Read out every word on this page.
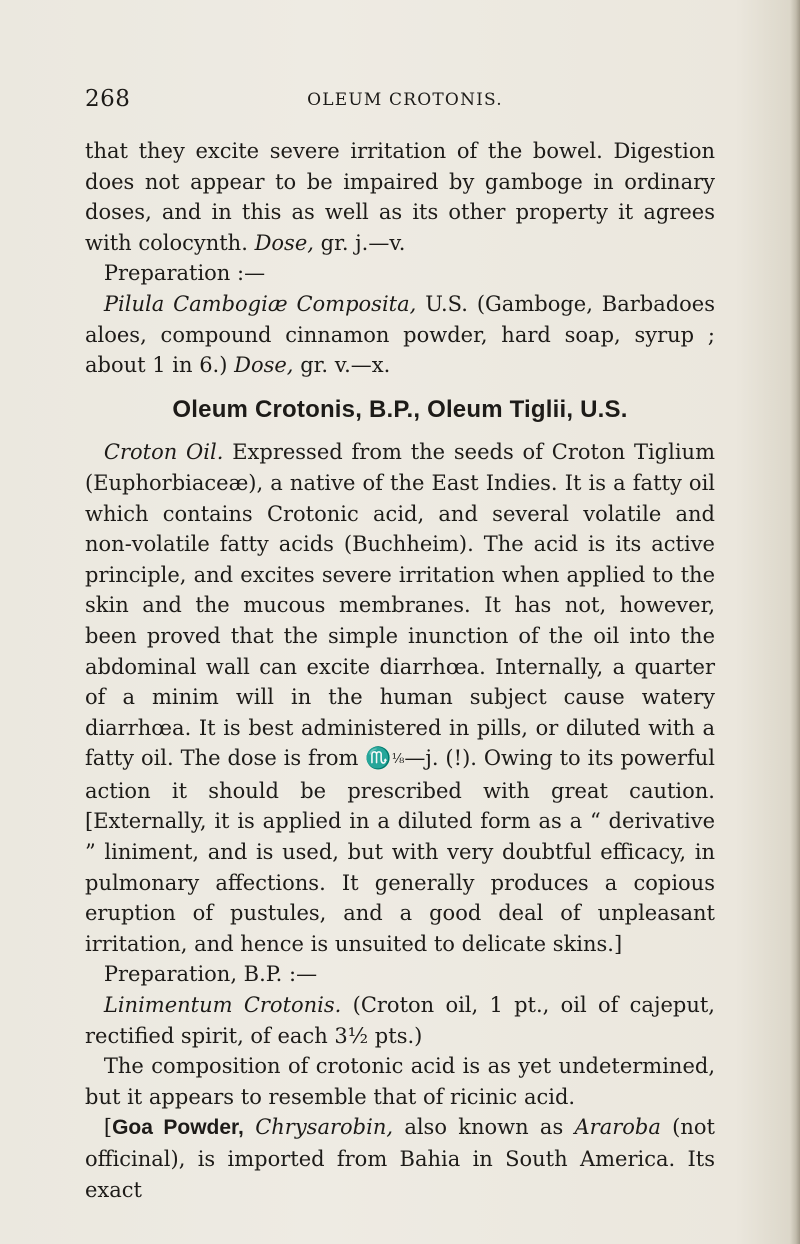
268	OLEUM CROTONIS.

that they excite severe irritation of the bowel. Digestion does not appear to be impaired by gamboge in ordinary doses, and in this as well as its other property it agrees with colocynth. Dose, gr. j.—v.

Preparation :—

Pilula Cambogiæ Composita, U.S. (Gamboge, Barbadoes aloes, compound cinnamon powder, hard soap, syrup ; about 1 in 6.) Dose, gr. v.—x.

Oleum Crotonis, B.P., Oleum Tiglii, U.S.

Croton Oil. Expressed from the seeds of Croton Tiglium (Euphorbiaceæ), a native of the East Indies. It is a fatty oil which contains Crotonic acid, and several volatile and non-volatile fatty acids (Buchheim). The acid is its active principle, and excites severe irritation when applied to the skin and the mucous membranes. It has not, however, been proved that the simple inunction of the oil into the abdominal wall can excite diarrhœa. Internally, a quarter of a minim will in the human subject cause watery diarrhœa. It is best administered in pills, or diluted with a fatty oil. The dose is from ♏⅛—j. (!). Owing to its powerful action it should be prescribed with great caution. [Externally, it is applied in a diluted form as a “ derivative ” liniment, and is used, but with very doubtful efficacy, in pulmonary affections. It generally produces a copious eruption of pustules, and a good deal of unpleasant irritation, and hence is unsuited to delicate skins.]

Preparation, B.P. :—

Linimentum Crotonis. (Croton oil, 1 pt., oil of cajeput, rectified spirit, of each 3½ pts.)

The composition of crotonic acid is as yet undetermined, but it appears to resemble that of ricinic acid.

[Goa Powder, Chrysarobin, also known as Araroba (not officinal), is imported from Bahia in South America. Its exact
